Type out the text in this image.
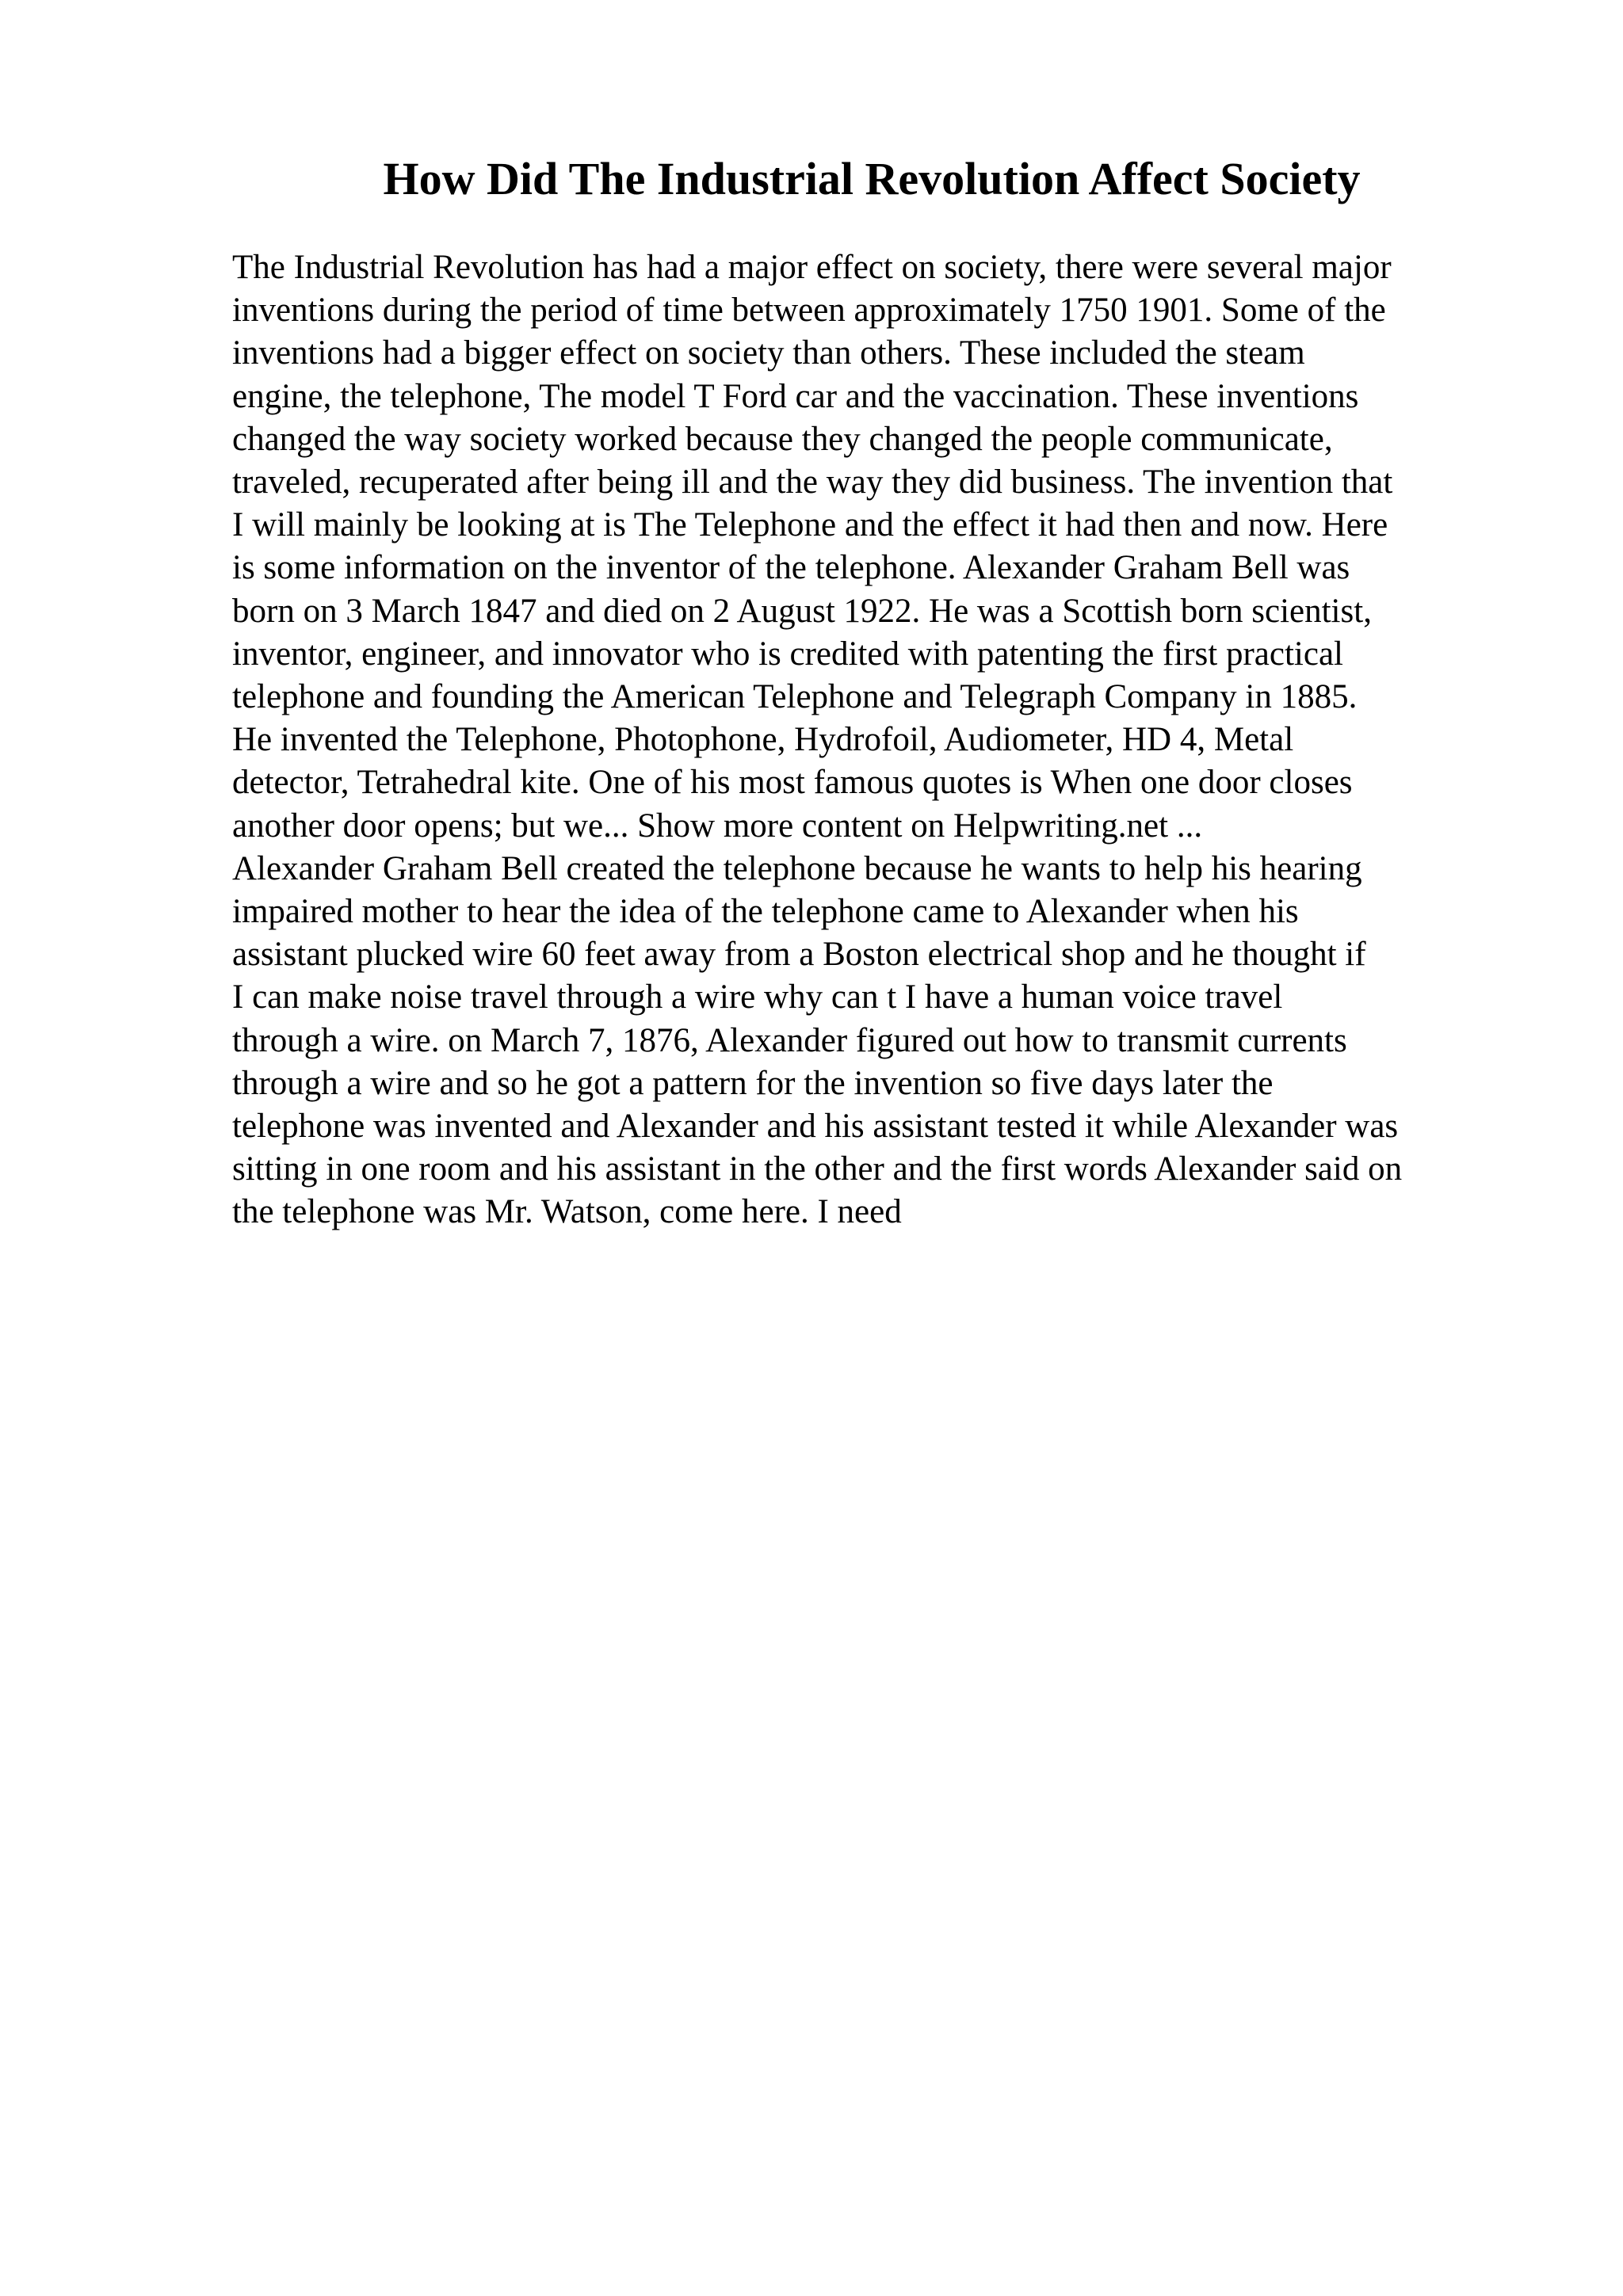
How Did The Industrial Revolution Affect Society
The Industrial Revolution has had a major effect on society, there were several major
inventions during the period of time between approximately 1750 1901. Some of the
inventions had a bigger effect on society than others. These included the steam
engine, the telephone, The model T Ford car and the vaccination. These inventions
changed the way society worked because they changed the people communicate,
traveled, recuperated after being ill and the way they did business. The invention that
I will mainly be looking at is The Telephone and the effect it had then and now. Here
is some information on the inventor of the telephone. Alexander Graham Bell was
born on 3 March 1847 and died on 2 August 1922. He was a Scottish born scientist,
inventor, engineer, and innovator who is credited with patenting the first practical
telephone and founding the American Telephone and Telegraph Company in 1885.
He invented the Telephone, Photophone, Hydrofoil, Audiometer, HD 4, Metal
detector, Tetrahedral kite. One of his most famous quotes is When one door closes
another door opens; but we... Show more content on Helpwriting.net ...
Alexander Graham Bell created the telephone because he wants to help his hearing
impaired mother to hear the idea of the telephone came to Alexander when his
assistant plucked wire 60 feet away from a Boston electrical shop and he thought if
I can make noise travel through a wire why can t I have a human voice travel
through a wire. on March 7, 1876, Alexander figured out how to transmit currents
through a wire and so he got a pattern for the invention so five days later the
telephone was invented and Alexander and his assistant tested it while Alexander was
sitting in one room and his assistant in the other and the first words Alexander said on
the telephone was Mr. Watson, come here. I need
